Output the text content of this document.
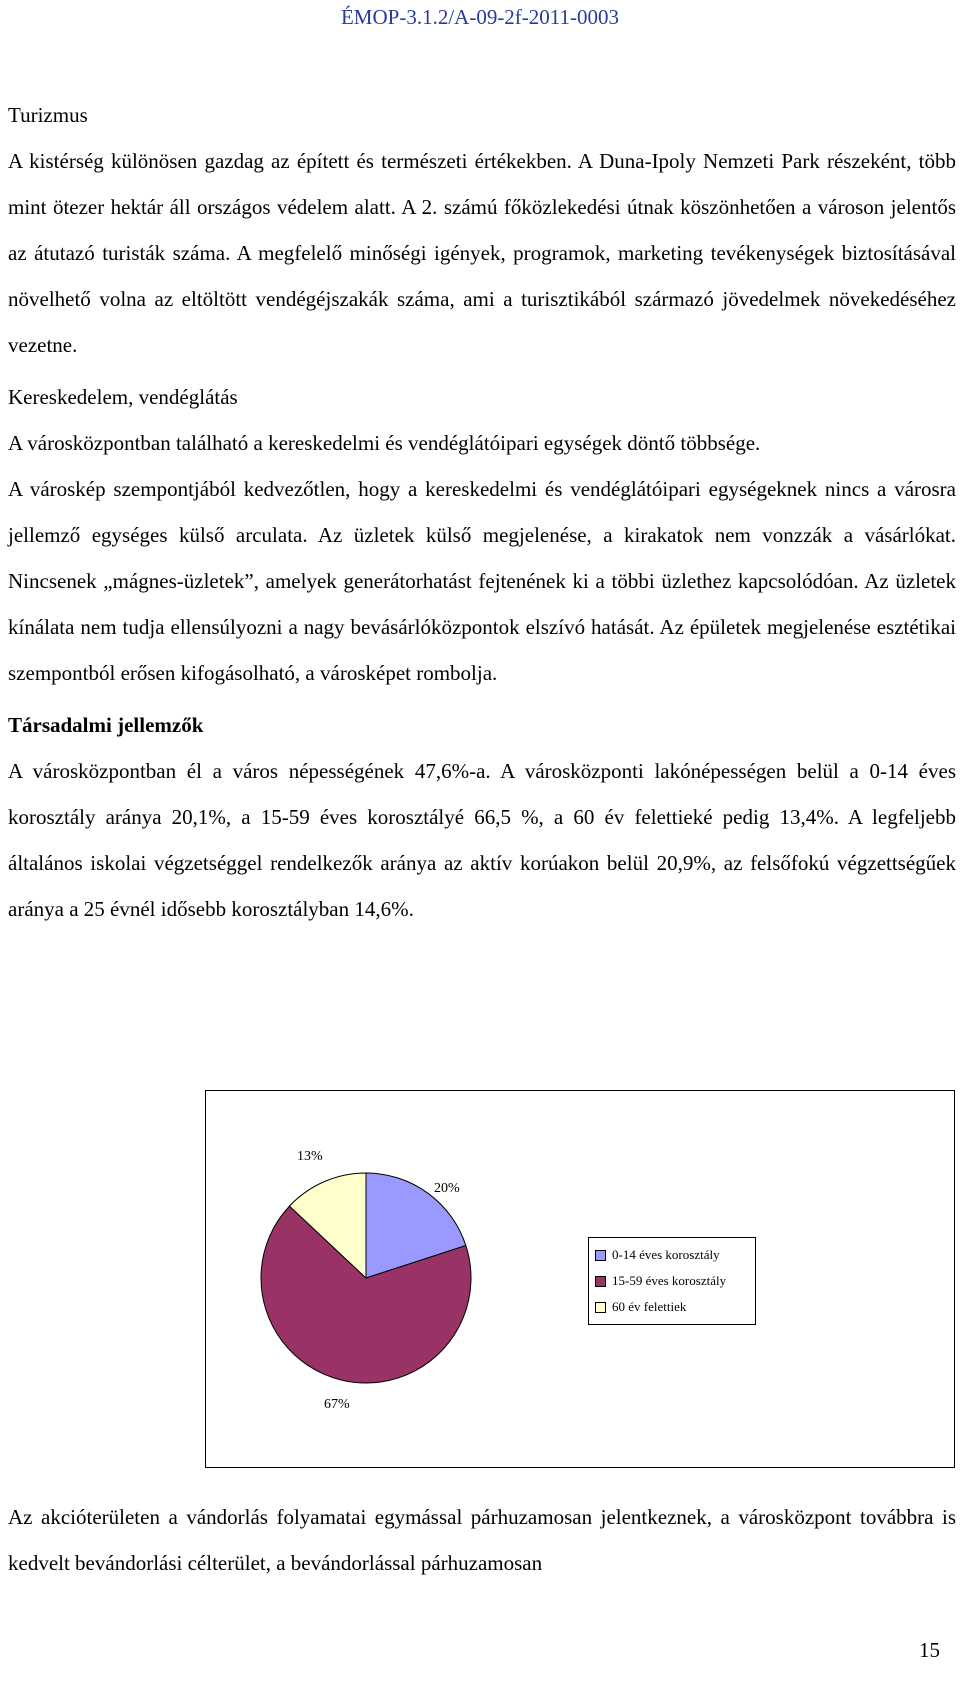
ÉMOP-3.1.2/A-09-2f-2011-0003
Turizmus

A kistérség különösen gazdag az épített és természeti értékekben. A Duna-Ipoly Nemzeti Park részeként, több mint ötezer hektár áll országos védelem alatt. A 2. számú főközlekedési útnak köszönhetően a városon jelentős az átutazó turisták száma. A megfelelő minőségi igények, programok, marketing tevékenységek biztosításával növelhető volna az eltöltött vendégéjszakák száma, ami a turisztikából származó jövedelmek növekedéséhez vezetne.

Kereskedelem, vendéglátás

A városközpontban található a kereskedelmi és vendéglátóipari egységek döntő többsége.

A városkép szempontjából kedvezőtlen, hogy a kereskedelmi és vendéglátóipari egységeknek nincs a városra jellemző egységes külső arculata. Az üzletek külső megjelenése, a kirakatok nem vonzzák a vásárlókat. Nincsenek „mágnes-üzletek”, amelyek generátorhatást fejtenének ki a többi üzlethez kapcsolódóan. Az üzletek kínálata nem tudja ellensúlyozni a nagy bevásárlóközpontok elszívó hatását. Az épületek megjelenése esztétikai szempontból erősen kifogásolható, a városképet rombolja.

Társadalmi jellemzők

A városközpontban él a város népességének 47,6%-a. A városközponti lakónépességen belül a 0-14 éves korosztály aránya 20,1%, a 15-59 éves korosztályé 66,5 %, a 60 év felettieké pedig 13,4%. A legfeljebb általános iskolai végzetséggel rendelkezők aránya az aktív korúakon belül 20,9%, az felsőfokú végzettségűek aránya a 25 évnél idősebb korosztályban 14,6%.

0-14 éves korosztály
15-59 éves korosztály
60 év felettiek
20%
67%
13%

Az akcióterületen a vándorlás folyamatai egymással párhuzamosan jelentkeznek, a városközpont továbbra is kedvelt bevándorlási célterület, a bevándorlással párhuzamosan

15
